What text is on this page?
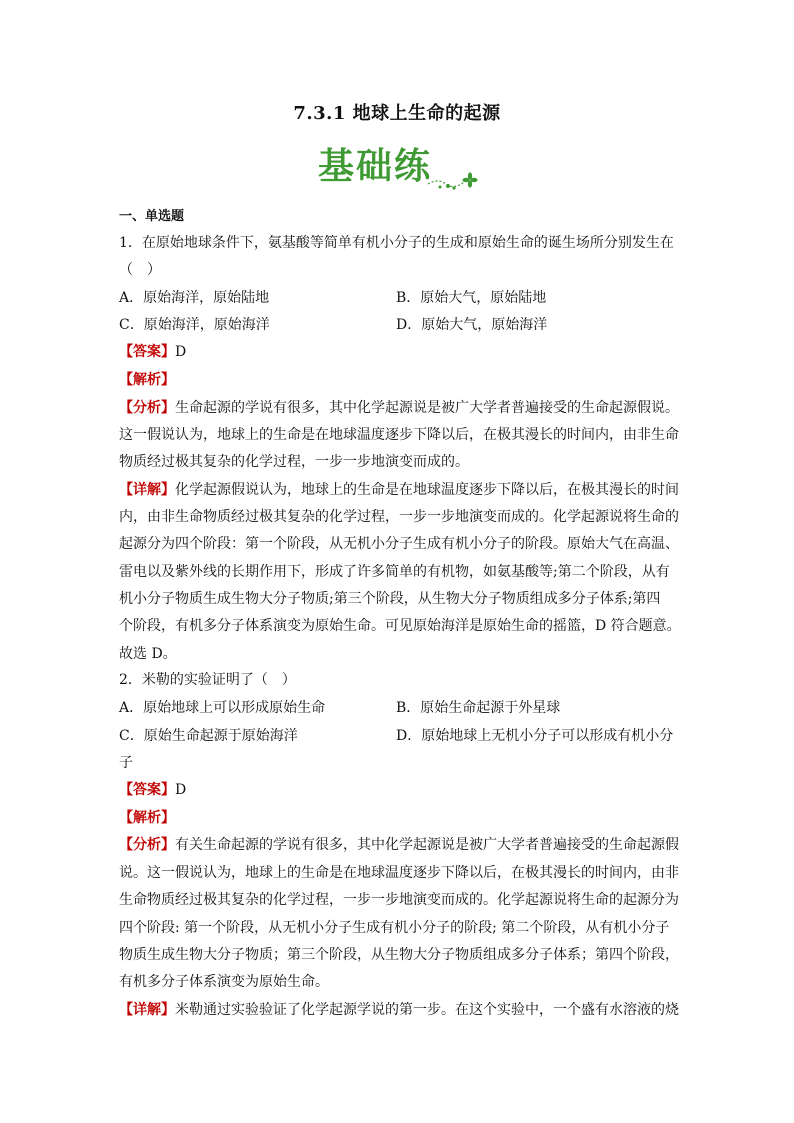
7.3.1 地球上生命的起源
基础练
一、单选题
1．在原始地球条件下，氨基酸等简单有机小分子的生成和原始生命的诞生场所分别发生在
（　）
A．原始海洋，原始陆地	B．原始大气，原始陆地
C．原始海洋，原始海洋	D．原始大气，原始海洋
【答案】D
【解析】
【分析】生命起源的学说有很多，其中化学起源说是被广大学者普遍接受的生命起源假说。
这一假说认为，地球上的生命是在地球温度逐步下降以后，在极其漫长的时间内，由非生命
物质经过极其复杂的化学过程，一步一步地演变而成的。
【详解】化学起源假说认为，地球上的生命是在地球温度逐步下降以后，在极其漫长的时间
内，由非生命物质经过极其复杂的化学过程，一步一步地演变而成的。化学起源说将生命的
起源分为四个阶段：第一个阶段，从无机小分子生成有机小分子的阶段。原始大气在高温、
雷电以及紫外线的长期作用下，形成了许多简单的有机物，如氨基酸等;第二个阶段，从有
机小分子物质生成生物大分子物质;第三个阶段，从生物大分子物质组成多分子体系;第四
个阶段，有机多分子体系演变为原始生命。可见原始海洋是原始生命的摇篮，D 符合题意。
故选 D。
2．米勒的实验证明了（　）
A．原始地球上可以形成原始生命	B．原始生命起源于外星球
C．原始生命起源于原始海洋	D．原始地球上无机小分子可以形成有机小分
子
【答案】D
【解析】
【分析】有关生命起源的学说有很多，其中化学起源说是被广大学者普遍接受的生命起源假
说。这一假说认为，地球上的生命是在地球温度逐步下降以后，在极其漫长的时间内，由非
生命物质经过极其复杂的化学过程，一步一步地演变而成的。化学起源说将生命的起源分为
四个阶段: 第一个阶段，从无机小分子生成有机小分子的阶段; 第二个阶段，从有机小分子
物质生成生物大分子物质；第三个阶段，从生物大分子物质组成多分子体系；第四个阶段，
有机多分子体系演变为原始生命。
【详解】米勒通过实验验证了化学起源学说的第一步。在这个实验中，一个盛有水溶液的烧
